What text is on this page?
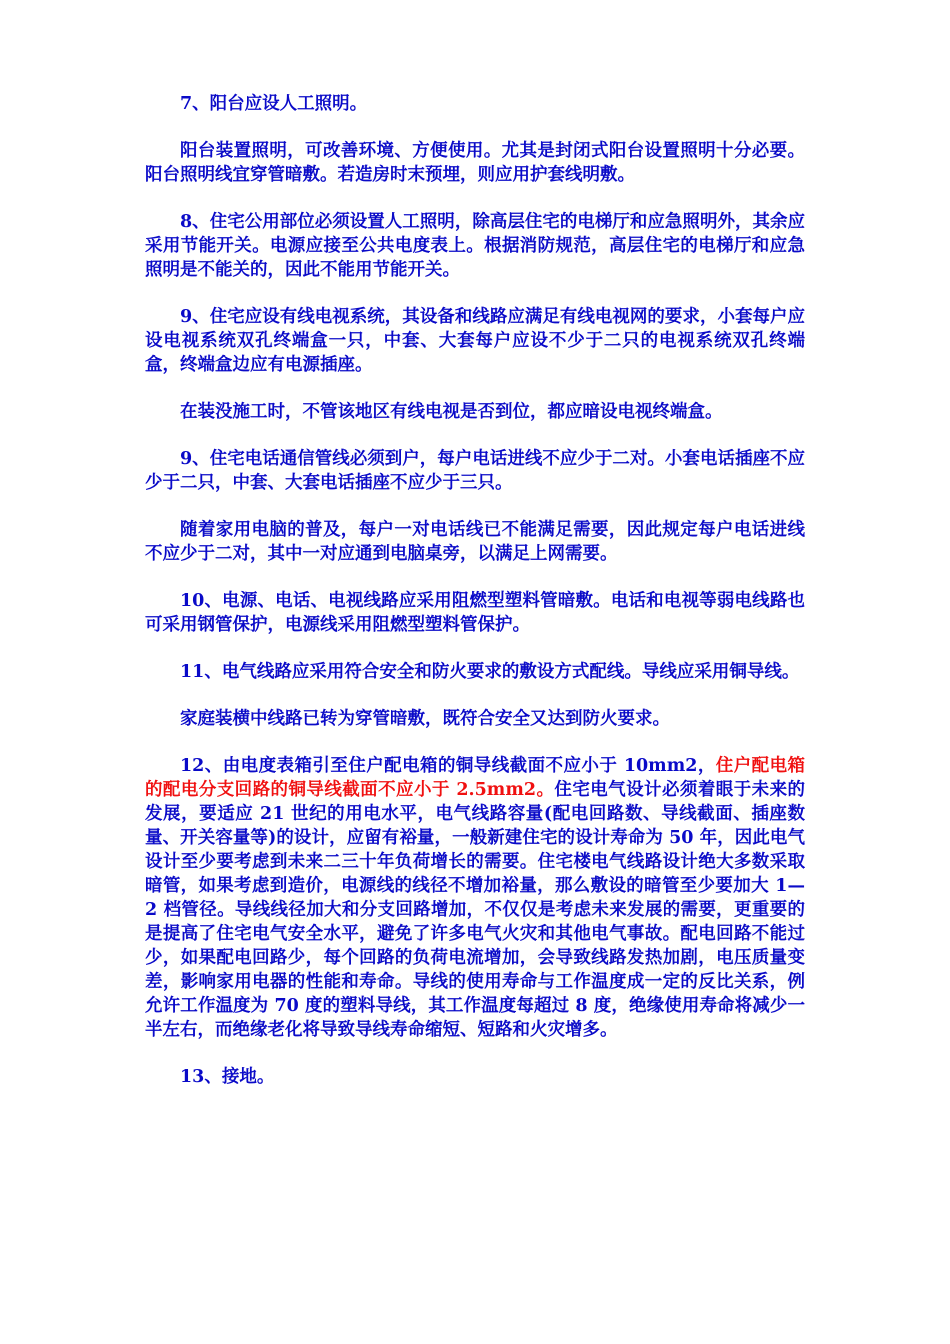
7、阳台应设人工照明。

阳台装置照明，可改善环境、方便使用。尤其是封闭式阳台设置照明十分必要。阳台照明线宜穿管暗敷。若造房时末预埋，则应用护套线明敷。

8、住宅公用部位必须设置人工照明，除高层住宅的电梯厅和应急照明外，其余应采用节能开关。电源应接至公共电度表上。根据消防规范，高层住宅的电梯厅和应急照明是不能关的，因此不能用节能开关。

9、住宅应设有线电视系统，其设备和线路应满足有线电视网的要求，小套每户应设电视系统双孔终端盒一只，中套、大套每户应设不少于二只的电视系统双孔终端盒，终端盒边应有电源插座。

在装没施工时，不管该地区有线电视是否到位，都应暗设电视终端盒。

9、住宅电话通信管线必须到户，每户电话进线不应少于二对。小套电话插座不应少于二只，中套、大套电话插座不应少于三只。

随着家用电脑的普及，每户一对电话线已不能满足需要，因此规定每户电话进线不应少于二对，其中一对应通到电脑桌旁，以满足上网需要。

10、电源、电话、电视线路应采用阻燃型塑料管暗敷。电话和电视等弱电线路也可采用钢管保护，电源线采用阻燃型塑料管保护。

11、电气线路应采用符合安全和防火要求的敷设方式配线。导线应采用铜导线。

家庭装横中线路已转为穿管暗敷，既符合安全又达到防火要求。

12、由电度表箱引至住户配电箱的铜导线截面不应小于 10mm2，住户配电箱的配电分支回路的铜导线截面不应小于 2.5mm2。住宅电气设计必须着眼于未来的发展，要适应 21 世纪的用电水平，电气线路容量(配电回路数、导线截面、插座数量、开关容量等)的设计，应留有裕量，一般新建住宅的设计寿命为 50 年，因此电气设计至少要考虑到未来二三十年负荷增长的需要。住宅楼电气线路设计绝大多数采取暗管，如果考虑到造价，电源线的线径不增加裕量，那么敷设的暗管至少要加大 1—2 档管径。导线线径加大和分支回路增加，不仅仅是考虑未来发展的需要，更重要的是提高了住宅电气安全水平，避免了许多电气火灾和其他电气事故。配电回路不能过少，如果配电回路少，每个回路的负荷电流增加，会导致线路发热加剧，电压质量变差，影响家用电器的性能和寿命。导线的使用寿命与工作温度成一定的反比关系，例允许工作温度为 70 度的塑料导线，其工作温度每超过 8 度，绝缘使用寿命将减少一半左右，而绝缘老化将导致导线寿命缩短、短路和火灾增多。

13、接地。
